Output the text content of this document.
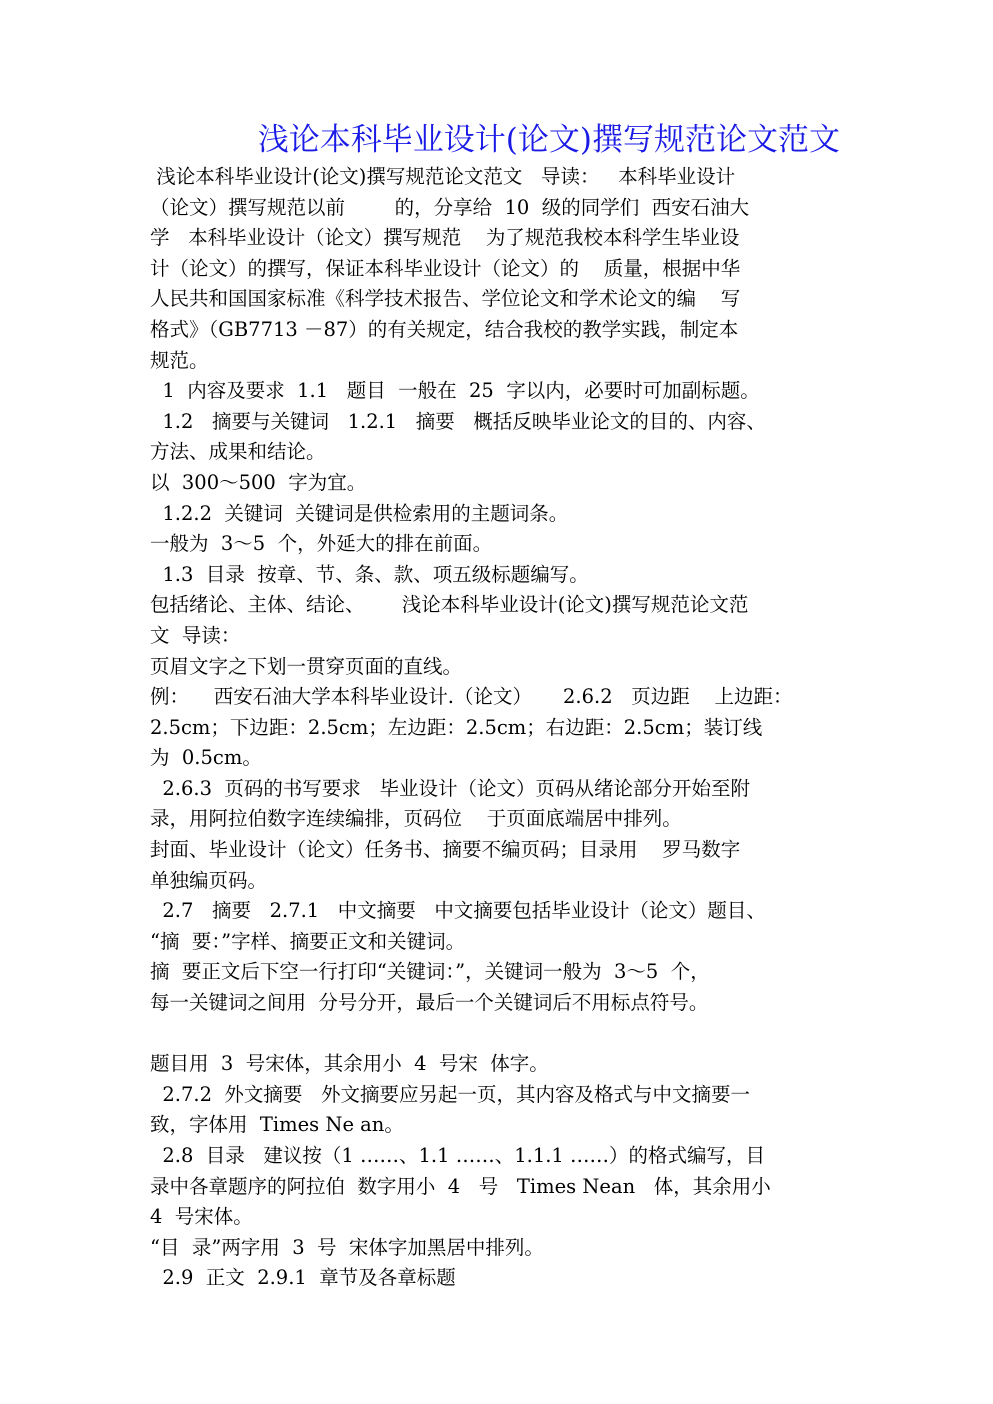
浅论本科毕业设计(论文)撰写规范论文范文
浅论本科毕业设计(论文)撰写规范论文范文   导读：   本科毕业设计
（论文）撰写规范以前        的，分享给  10  级的同学们  西安石油大
学   本科毕业设计（论文）撰写规范    为了规范我校本科学生毕业设
计（论文）的撰写，保证本科毕业设计（论文）的    质量，根据中华
人民共和国国家标准《科学技术报告、学位论文和学术论文的编    写
格式》（GB7713 －87）的有关规定，结合我校的教学实践，制定本
规范。
1  内容及要求  1.1   题目  一般在  25  字以内，必要时可加副标题。
1.2   摘要与关键词   1.2.1   摘要   概括反映毕业论文的目的、内容、
方法、成果和结论。
以  300～500  字为宜。
1.2.2  关键词  关键词是供检索用的主题词条。
一般为  3～5  个，外延大的排在前面。
1.3  目录  按章、节、条、款、项五级标题编写。
包括绪论、主体、结论、      浅论本科毕业设计(论文)撰写规范论文范
文  导读：
页眉文字之下划一贯穿页面的直线。
例：    西安石油大学本科毕业设计.（论文）     2.6.2   页边距    上边距：
2.5cm；下边距：2.5cm；左边距：2.5cm；右边距：2.5cm；装订线
为  0.5cm。
2.6.3  页码的书写要求   毕业设计（论文）页码从绪论部分开始至附
录，用阿拉伯数字连续编排，页码位    于页面底端居中排列。
封面、毕业设计（论文）任务书、摘要不编页码；目录用    罗马数字
单独编页码。
2.7   摘要   2.7.1   中文摘要   中文摘要包括毕业设计（论文）题目、
“摘  要：”字样、摘要正文和关键词。
摘  要正文后下空一行打印“关键词：”，关键词一般为  3～5  个，
每一关键词之间用  分号分开，最后一个关键词后不用标点符号。
题目用  3  号宋体，其余用小  4  号宋  体字。
2.7.2  外文摘要   外文摘要应另起一页，其内容及格式与中文摘要一
致，字体用  Times Ne an。
2.8  目录   建议按（1 ……、1.1 ……、1.1.1 ……）的格式编写，目
录中各章题序的阿拉伯  数字用小  4   号   Times Nean   体，其余用小
4  号宋体。
“目  录”两字用  3  号  宋体字加黑居中排列。
2.9  正文  2.9.1  章节及各章标题
